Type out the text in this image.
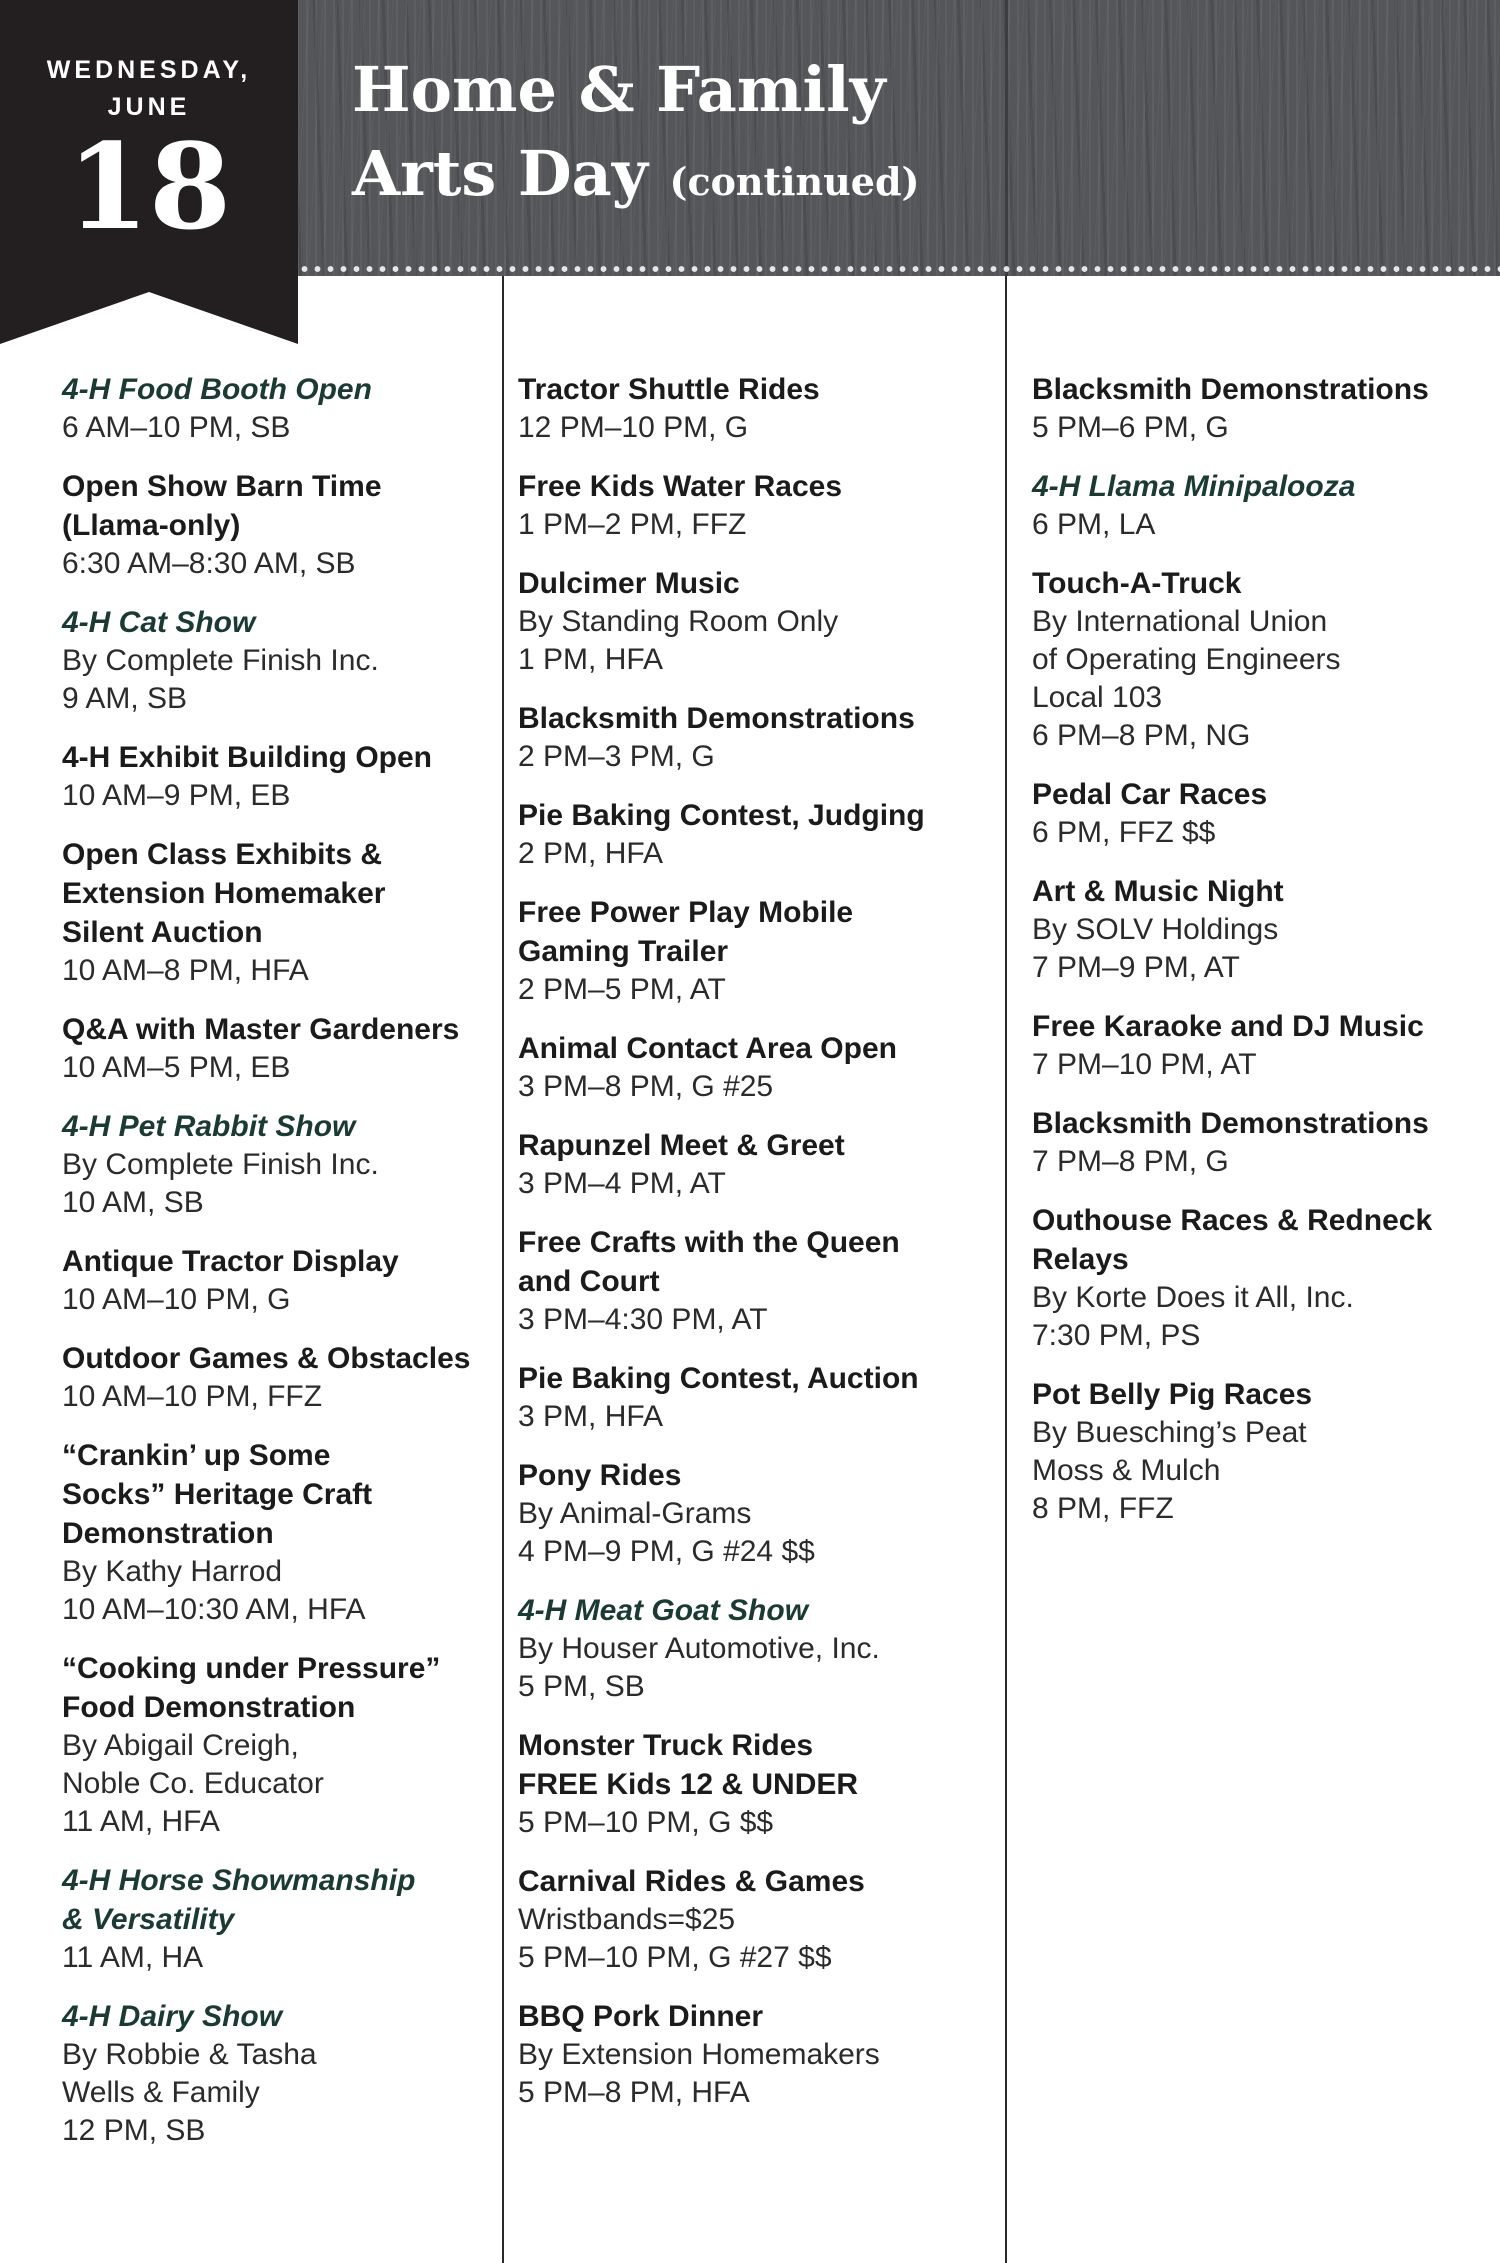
Home & Family
Arts Day (continued)
WEDNESDAY,
JUNE
18
4-H Food Booth Open
6 AM–10 PM, SB
Open Show Barn Time
(Llama-only)
6:30 AM–8:30 AM, SB
4-H Cat Show
By Complete Finish Inc.
9 AM, SB
4-H Exhibit Building Open
10 AM–9 PM, EB
Open Class Exhibits &
Extension Homemaker
Silent Auction
10 AM–8 PM, HFA
Q&A with Master Gardeners
10 AM–5 PM, EB
4-H Pet Rabbit Show
By Complete Finish Inc.
10 AM, SB
Antique Tractor Display
10 AM–10 PM, G
Outdoor Games & Obstacles
10 AM–10 PM, FFZ
“Crankin’ up Some
Socks” Heritage Craft
Demonstration
By Kathy Harrod
10 AM–10:30 AM, HFA
“Cooking under Pressure”
Food Demonstration
By Abigail Creigh,
Noble Co. Educator
11 AM, HFA
4-H Horse Showmanship
& Versatility
11 AM, HA
4-H Dairy Show
By Robbie & Tasha
Wells & Family
12 PM, SB
Tractor Shuttle Rides
12 PM–10 PM, G
Free Kids Water Races
1 PM–2 PM, FFZ
Dulcimer Music
By Standing Room Only
1 PM, HFA
Blacksmith Demonstrations
2 PM–3 PM, G
Pie Baking Contest, Judging
2 PM, HFA
Free Power Play Mobile
Gaming Trailer
2 PM–5 PM, AT
Animal Contact Area Open
3 PM–8 PM, G #25
Rapunzel Meet & Greet
3 PM–4 PM, AT
Free Crafts with the Queen
and Court
3 PM–4:30 PM, AT
Pie Baking Contest, Auction
3 PM, HFA
Pony Rides
By Animal-Grams
4 PM–9 PM, G #24 $$
4-H Meat Goat Show
By Houser Automotive, Inc.
5 PM, SB
Monster Truck Rides
FREE Kids 12 & UNDER
5 PM–10 PM, G $$
Carnival Rides & Games
Wristbands=$25
5 PM–10 PM, G #27 $$
BBQ Pork Dinner
By Extension Homemakers
5 PM–8 PM, HFA
Blacksmith Demonstrations
5 PM–6 PM, G
4-H Llama Minipalooza
6 PM, LA
Touch-A-Truck
By International Union
of Operating Engineers
Local 103
6 PM–8 PM, NG
Pedal Car Races
6 PM, FFZ $$
Art & Music Night
By SOLV Holdings
7 PM–9 PM, AT
Free Karaoke and DJ Music
7 PM–10 PM, AT
Blacksmith Demonstrations
7 PM–8 PM, G
Outhouse Races & Redneck
Relays
By Korte Does it All, Inc.
7:30 PM, PS
Pot Belly Pig Races
By Buesching’s Peat
Moss & Mulch
8 PM, FFZ
